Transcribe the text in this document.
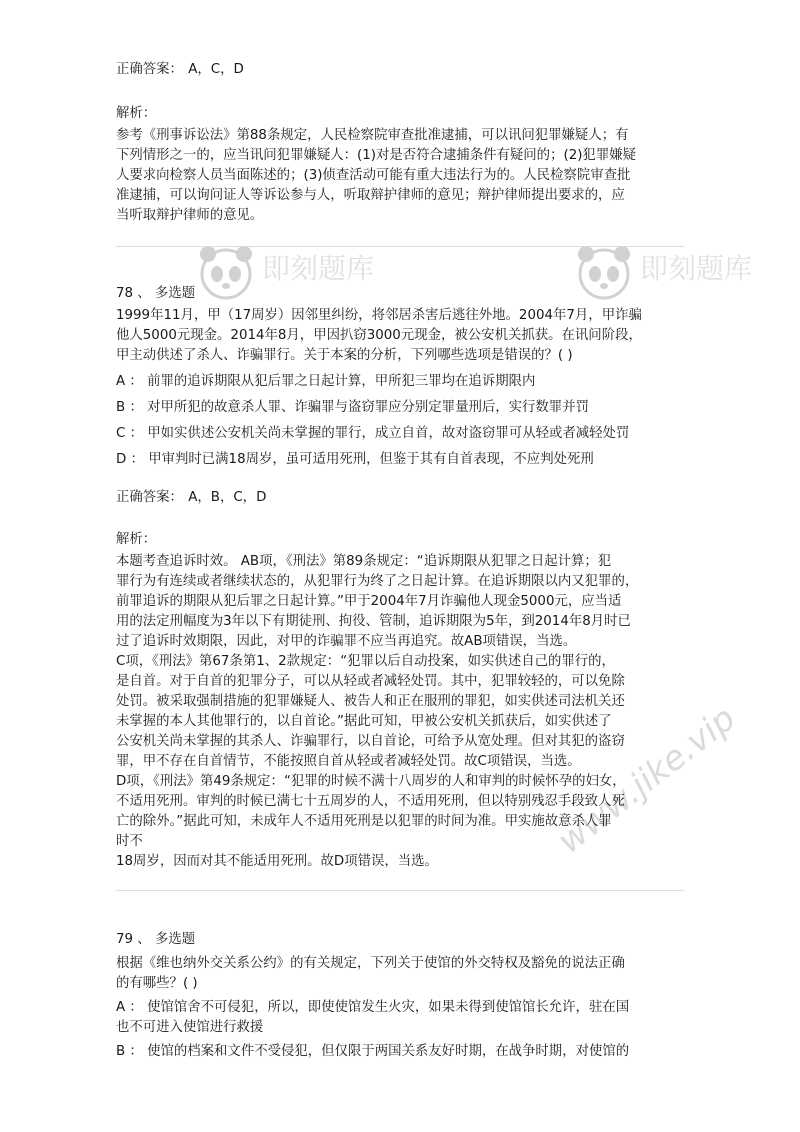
即刻题库	即刻题库
www.jike.vip
正确答案： A，C，D
解析：
参考《刑事诉讼法》第88条规定，人民检察院审查批准逮捕，可以讯问犯罪嫌疑人；有
下列情形之一的，应当讯问犯罪嫌疑人：(1)对是否符合逮捕条件有疑问的；(2)犯罪嫌疑
人要求向检察人员当面陈述的；(3)侦查活动可能有重大违法行为的。人民检察院审查批
准逮捕，可以询问证人等诉讼参与人，听取辩护律师的意见；辩护律师提出要求的，应
当听取辩护律师的意见。
78 、 多选题
1999年11月，甲（17周岁）因邻里纠纷，将邻居杀害后逃往外地。2004年7月，甲诈骗
他人5000元现金。2014年8月，甲因扒窃3000元现金，被公安机关抓获。在讯问阶段，
甲主动供述了杀人、诈骗罪行。关于本案的分析，下列哪些选项是错误的？( )
A ： 前罪的追诉期限从犯后罪之日起计算，甲所犯三罪均在追诉期限内
B ： 对甲所犯的故意杀人罪、诈骗罪与盗窃罪应分别定罪量刑后，实行数罪并罚
C ： 甲如实供述公安机关尚未掌握的罪行，成立自首，故对盗窃罪可从轻或者减轻处罚
D ： 甲审判时已满18周岁，虽可适用死刑，但鉴于其有自首表现，不应判处死刑
正确答案： A，B，C，D
解析：
本题考查追诉时效。 AB项，《刑法》第89条规定：“追诉期限从犯罪之日起计算；犯
罪行为有连续或者继续状态的，从犯罪行为终了之日起计算。在追诉期限以内又犯罪的，
前罪追诉的期限从犯后罪之日起计算。”甲于2004年7月诈骗他人现金5000元，应当适
用的法定刑幅度为3年以下有期徒刑、拘役、管制，追诉期限为5年，到2014年8月时已
过了追诉时效期限，因此，对甲的诈骗罪不应当再追究。故AB项错误，当选。
C项，《刑法》第67条第1、2款规定：“犯罪以后自动投案，如实供述自己的罪行的，
是自首。对于自首的犯罪分子，可以从轻或者减轻处罚。其中，犯罪较轻的，可以免除
处罚。被采取强制措施的犯罪嫌疑人、被告人和正在服刑的罪犯，如实供述司法机关还
未掌握的本人其他罪行的，以自首论。”据此可知，甲被公安机关抓获后，如实供述了
公安机关尚未掌握的其杀人、诈骗罪行，以自首论，可给予从宽处理。但对其犯的盗窃
罪，甲不存在自首情节，不能按照自首从轻或者减轻处罚。故C项错误，当选。
D项，《刑法》第49条规定：“犯罪的时候不满十八周岁的人和审判的时候怀孕的妇女，
不适用死刑。审判的时候已满七十五周岁的人，不适用死刑，但以特别残忍手段致人死
亡的除外。”据此可知，未成年人不适用死刑是以犯罪的时间为准。甲实施故意杀人罪
时不
18周岁，因而对其不能适用死刑。故D项错误，当选。
79 、 多选题
根据《维也纳外交关系公约》的有关规定，下列关于使馆的外交特权及豁免的说法正确
的有哪些？( )
A ： 使馆馆舍不可侵犯，所以，即使使馆发生火灾，如果未得到使馆馆长允许，驻在国
也不可进入使馆进行救援
B ： 使馆的档案和文件不受侵犯，但仅限于两国关系友好时期，在战争时期，对使馆的
